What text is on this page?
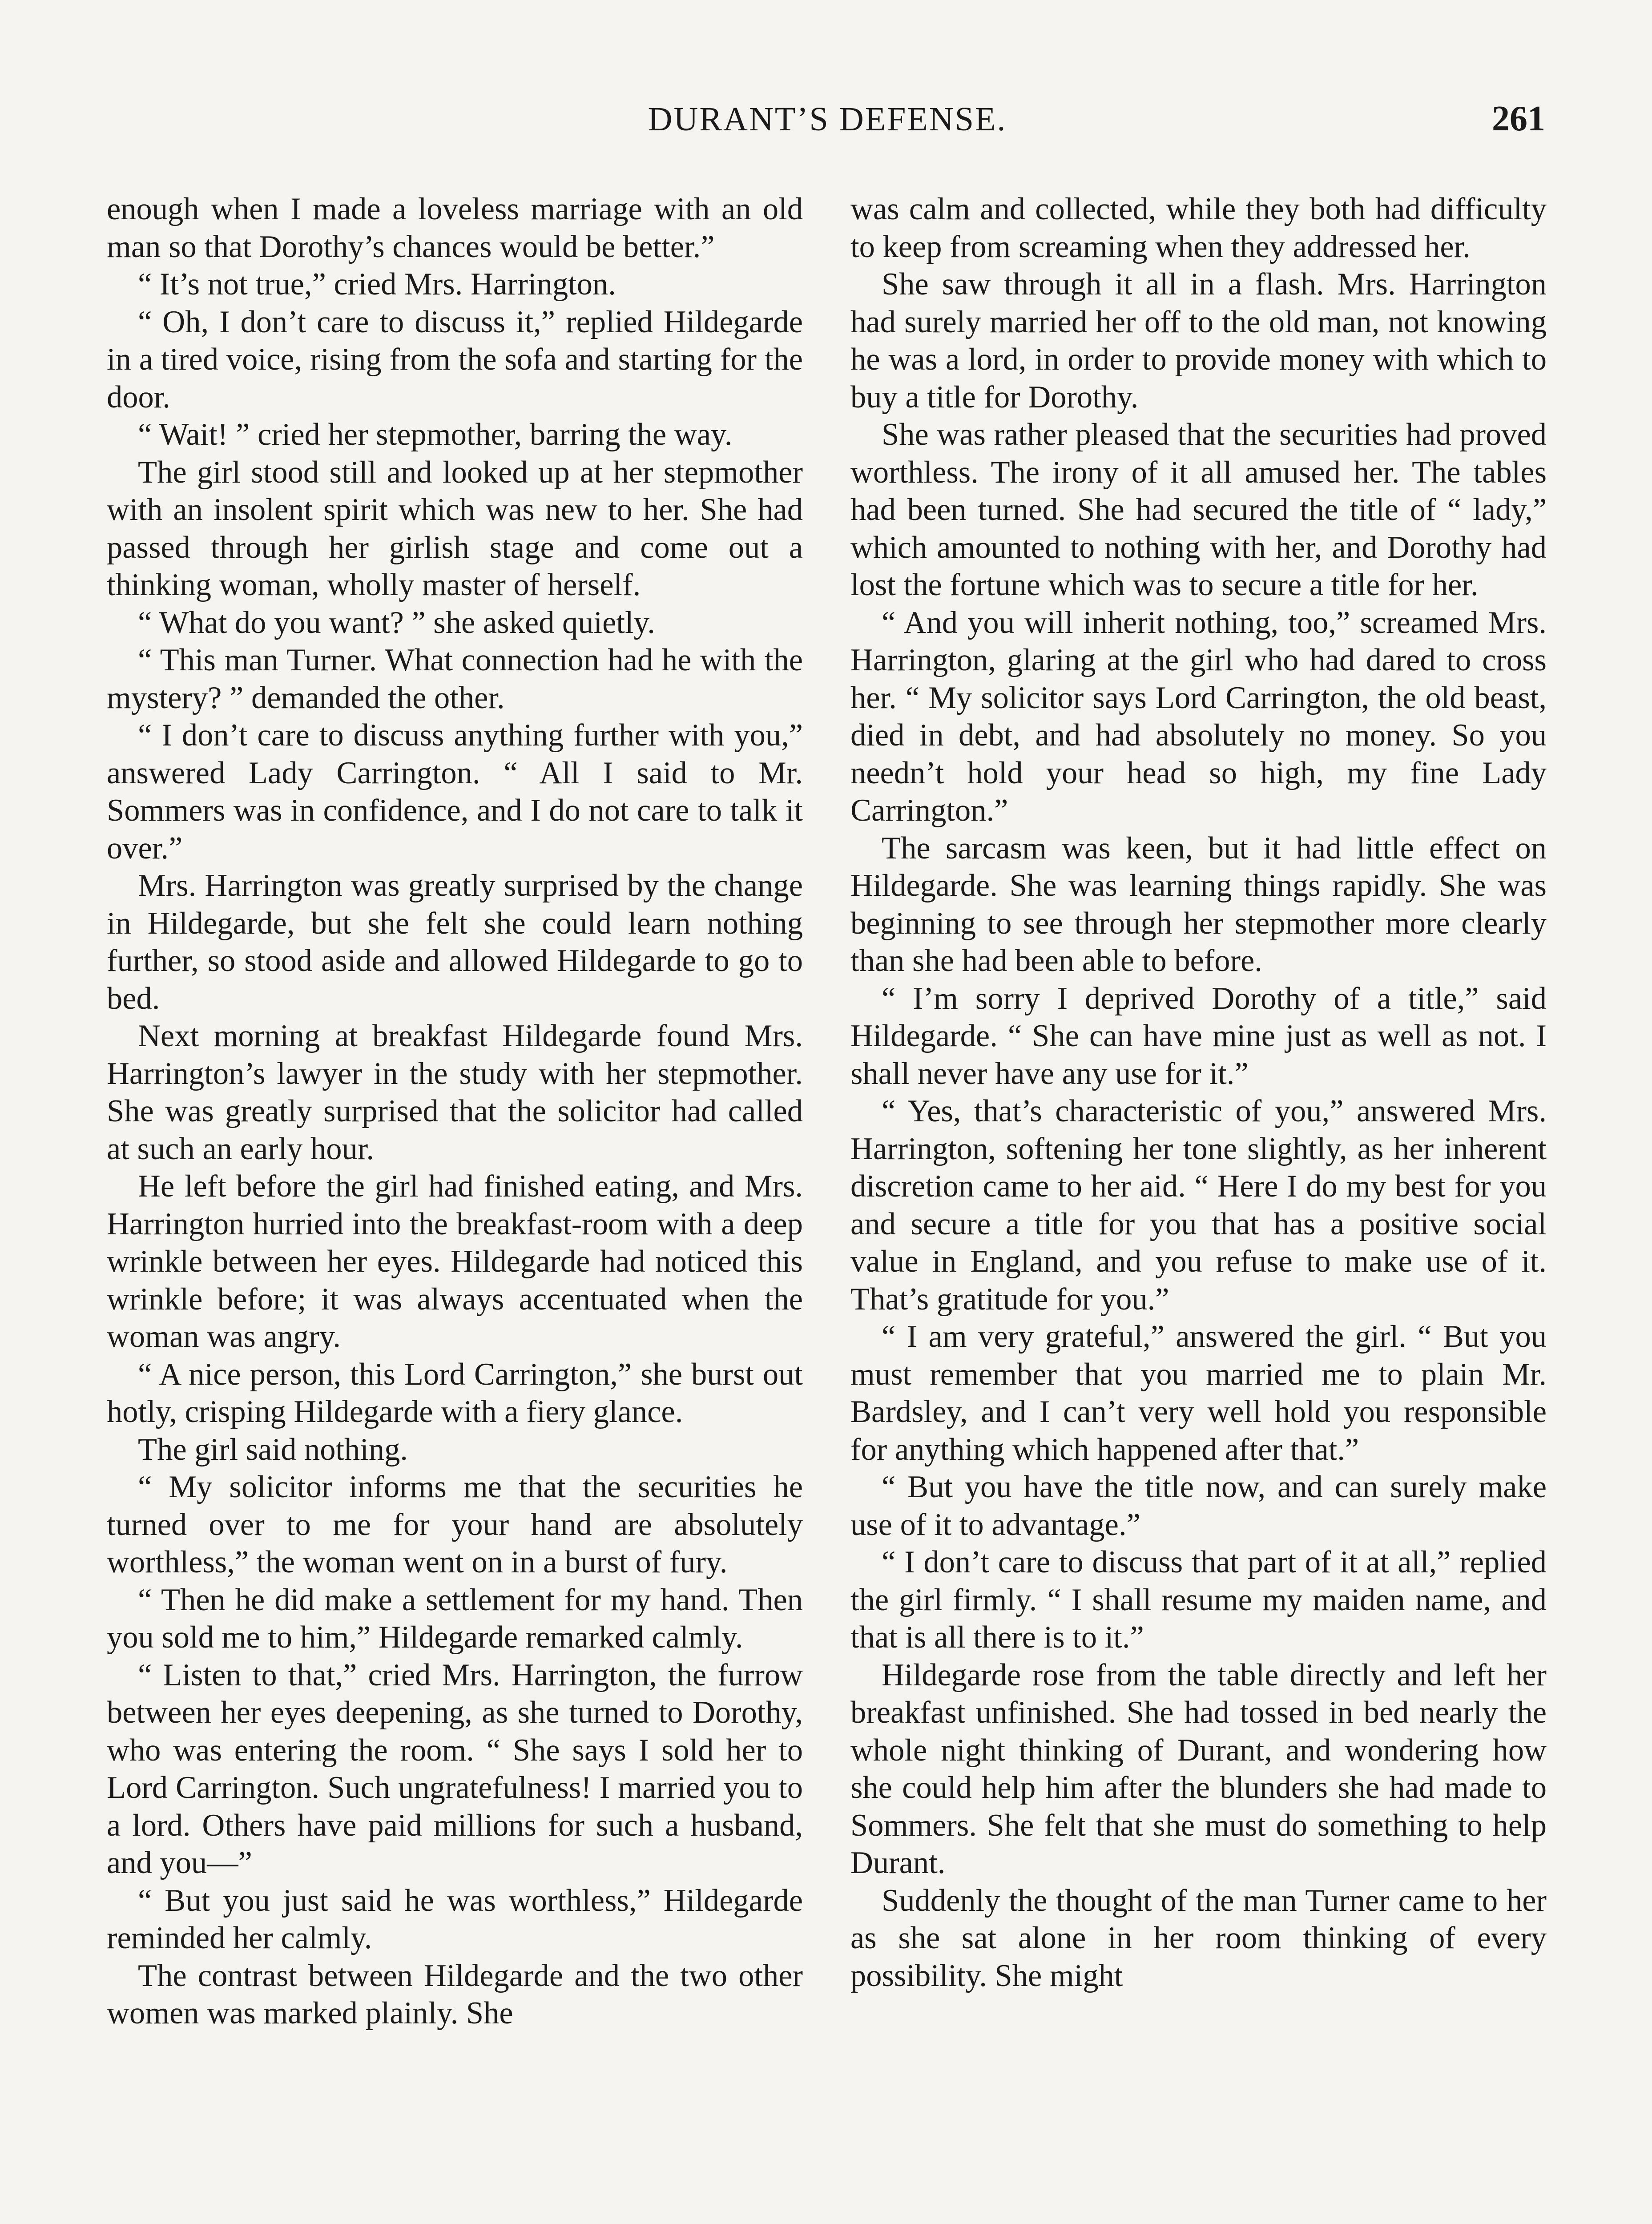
DURANT’S DEFENSE.	261

enough when I made a loveless marriage with an old man so that Dorothy’s chances would be better.”

“ It’s not true,” cried Mrs. Harrington.

“ Oh, I don’t care to discuss it,” replied Hildegarde in a tired voice, rising from the sofa and starting for the door.

“ Wait! ” cried her stepmother, barring the way.

The girl stood still and looked up at her stepmother with an insolent spirit which was new to her. She had passed through her girlish stage and come out a thinking woman, wholly master of herself.

“ What do you want? ” she asked quietly.

“ This man Turner. What connection had he with the mystery? ” demanded the other.

“ I don’t care to discuss anything further with you,” answered Lady Carrington. “ All I said to Mr. Sommers was in confidence, and I do not care to talk it over.”

Mrs. Harrington was greatly surprised by the change in Hildegarde, but she felt she could learn nothing further, so stood aside and allowed Hildegarde to go to bed.

Next morning at breakfast Hildegarde found Mrs. Harrington’s lawyer in the study with her stepmother. She was greatly surprised that the solicitor had called at such an early hour.

He left before the girl had finished eating, and Mrs. Harrington hurried into the breakfast-room with a deep wrinkle between her eyes. Hildegarde had noticed this wrinkle before; it was always accentuated when the woman was angry.

“ A nice person, this Lord Carrington,” she burst out hotly, crisping Hildegarde with a fiery glance.

The girl said nothing.

“ My solicitor informs me that the securities he turned over to me for your hand are absolutely worthless,” the woman went on in a burst of fury.

“ Then he did make a settlement for my hand. Then you sold me to him,” Hildegarde remarked calmly.

“ Listen to that,” cried Mrs. Harrington, the furrow between her eyes deepening, as she turned to Dorothy, who was entering the room. “ She says I sold her to Lord Carrington. Such ungratefulness! I married you to a lord. Others have paid millions for such a husband, and you—”

“ But you just said he was worthless,” Hildegarde reminded her calmly.

The contrast between Hildegarde and the two other women was marked plainly. She

was calm and collected, while they both had difficulty to keep from screaming when they addressed her.

She saw through it all in a flash. Mrs. Harrington had surely married her off to the old man, not knowing he was a lord, in order to provide money with which to buy a title for Dorothy.

She was rather pleased that the securities had proved worthless. The irony of it all amused her. The tables had been turned. She had secured the title of “ lady,” which amounted to nothing with her, and Dorothy had lost the fortune which was to secure a title for her.

“ And you will inherit nothing, too,” screamed Mrs. Harrington, glaring at the girl who had dared to cross her. “ My solicitor says Lord Carrington, the old beast, died in debt, and had absolutely no money. So you needn’t hold your head so high, my fine Lady Carrington.”

The sarcasm was keen, but it had little effect on Hildegarde. She was learning things rapidly. She was beginning to see through her stepmother more clearly than she had been able to before.

“ I’m sorry I deprived Dorothy of a title,” said Hildegarde. “ She can have mine just as well as not. I shall never have any use for it.”

“ Yes, that’s characteristic of you,” answered Mrs. Harrington, softening her tone slightly, as her inherent discretion came to her aid. “ Here I do my best for you and secure a title for you that has a positive social value in England, and you refuse to make use of it. That’s gratitude for you.”

“ I am very grateful,” answered the girl. “ But you must remember that you married me to plain Mr. Bardsley, and I can’t very well hold you responsible for anything which happened after that.”

“ But you have the title now, and can surely make use of it to advantage.”

“ I don’t care to discuss that part of it at all,” replied the girl firmly. “ I shall resume my maiden name, and that is all there is to it.”

Hildegarde rose from the table directly and left her breakfast unfinished. She had tossed in bed nearly the whole night thinking of Durant, and wondering how she could help him after the blunders she had made to Sommers. She felt that she must do something to help Durant.

Suddenly the thought of the man Turner came to her as she sat alone in her room thinking of every possibility. She might
